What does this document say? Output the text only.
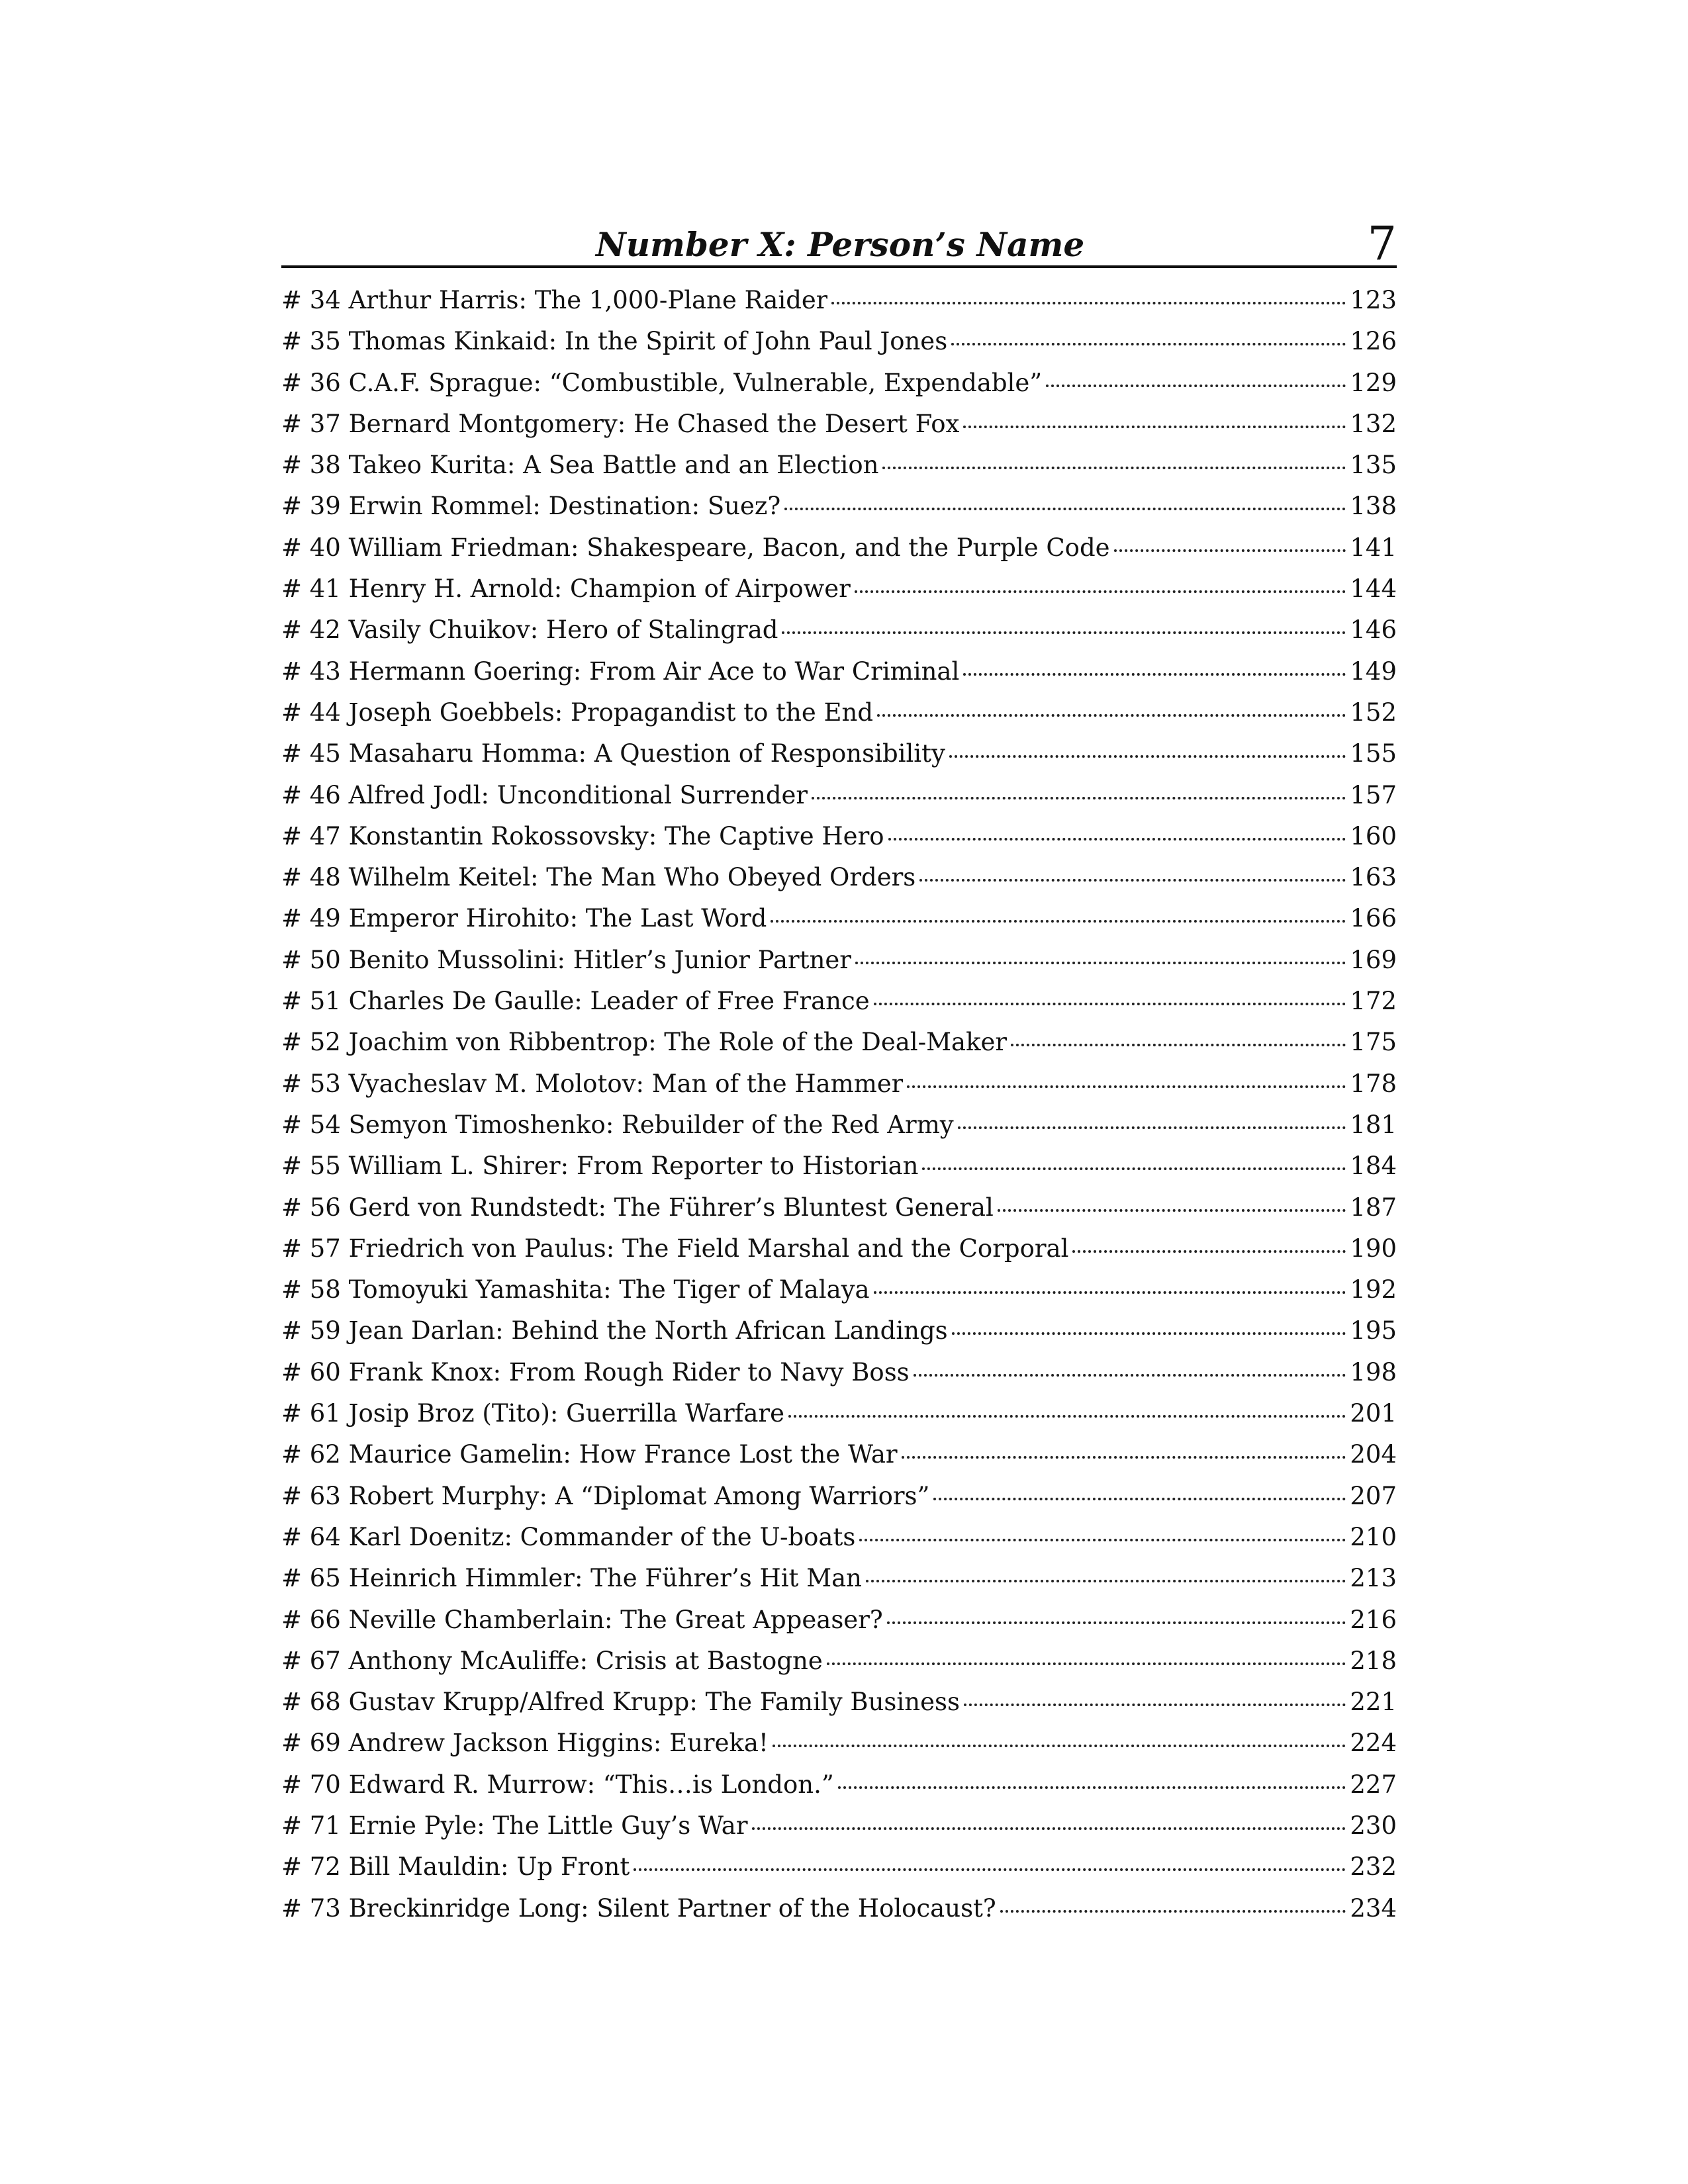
Number X: Person’s Name	7
# 34 Arthur Harris: The 1,000-Plane Raider	123
# 35 Thomas Kinkaid: In the Spirit of John Paul Jones	126
# 36 C.A.F. Sprague: “Combustible, Vulnerable, Expendable”	129
# 37 Bernard Montgomery: He Chased the Desert Fox	132
# 38 Takeo Kurita: A Sea Battle and an Election	135
# 39 Erwin Rommel: Destination: Suez?	138
# 40 William Friedman: Shakespeare, Bacon, and the Purple Code	141
# 41 Henry H. Arnold: Champion of Airpower	144
# 42 Vasily Chuikov: Hero of Stalingrad	146
# 43 Hermann Goering: From Air Ace to War Criminal	149
# 44 Joseph Goebbels: Propagandist to the End	152
# 45 Masaharu Homma: A Question of Responsibility	155
# 46 Alfred Jodl: Unconditional Surrender	157
# 47 Konstantin Rokossovsky: The Captive Hero	160
# 48 Wilhelm Keitel: The Man Who Obeyed Orders	163
# 49 Emperor Hirohito: The Last Word	166
# 50 Benito Mussolini: Hitler’s Junior Partner	169
# 51 Charles De Gaulle: Leader of Free France	172
# 52 Joachim von Ribbentrop: The Role of the Deal-Maker	175
# 53 Vyacheslav M. Molotov: Man of the Hammer	178
# 54 Semyon Timoshenko: Rebuilder of the Red Army	181
# 55 William L. Shirer: From Reporter to Historian	184
# 56 Gerd von Rundstedt: The Führer’s Bluntest General	187
# 57 Friedrich von Paulus: The Field Marshal and the Corporal	190
# 58 Tomoyuki Yamashita: The Tiger of Malaya	192
# 59 Jean Darlan: Behind the North African Landings	195
# 60 Frank Knox: From Rough Rider to Navy Boss	198
# 61 Josip Broz (Tito): Guerrilla Warfare	201
# 62 Maurice Gamelin: How France Lost the War	204
# 63 Robert Murphy: A “Diplomat Among Warriors”	207
# 64 Karl Doenitz: Commander of the U-boats	210
# 65 Heinrich Himmler: The Führer’s Hit Man	213
# 66 Neville Chamberlain: The Great Appeaser?	216
# 67 Anthony McAuliffe: Crisis at Bastogne	218
# 68 Gustav Krupp/Alfred Krupp: The Family Business	221
# 69 Andrew Jackson Higgins: Eureka!	224
# 70 Edward R. Murrow: “This…is London.”	227
# 71 Ernie Pyle: The Little Guy’s War	230
# 72 Bill Mauldin: Up Front	232
# 73 Breckinridge Long: Silent Partner of the Holocaust?	234
